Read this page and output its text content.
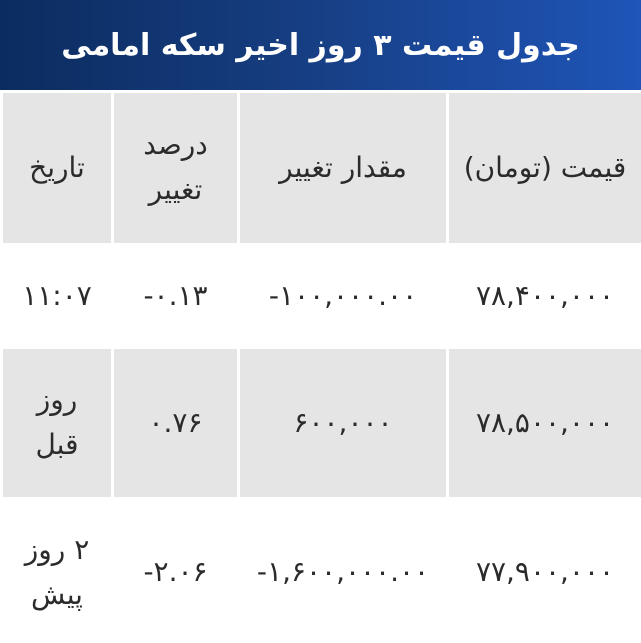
جدول قیمت ۳ روز اخیر سکه امامی
قیمت (تومان)	مقدار تغییر	درصد تغییر	تاریخ
۷۸,۴۰۰,۰۰۰	-۱۰۰,۰۰۰.۰۰	-۰.۱۳	۱۱:۰۷
۷۸,۵۰۰,۰۰۰	۶۰۰,۰۰۰	۰.۷۶	روز قبل
۷۷,۹۰۰,۰۰۰	-۱,۶۰۰,۰۰۰.۰۰	-۲.۰۶	۲ روز پیش
